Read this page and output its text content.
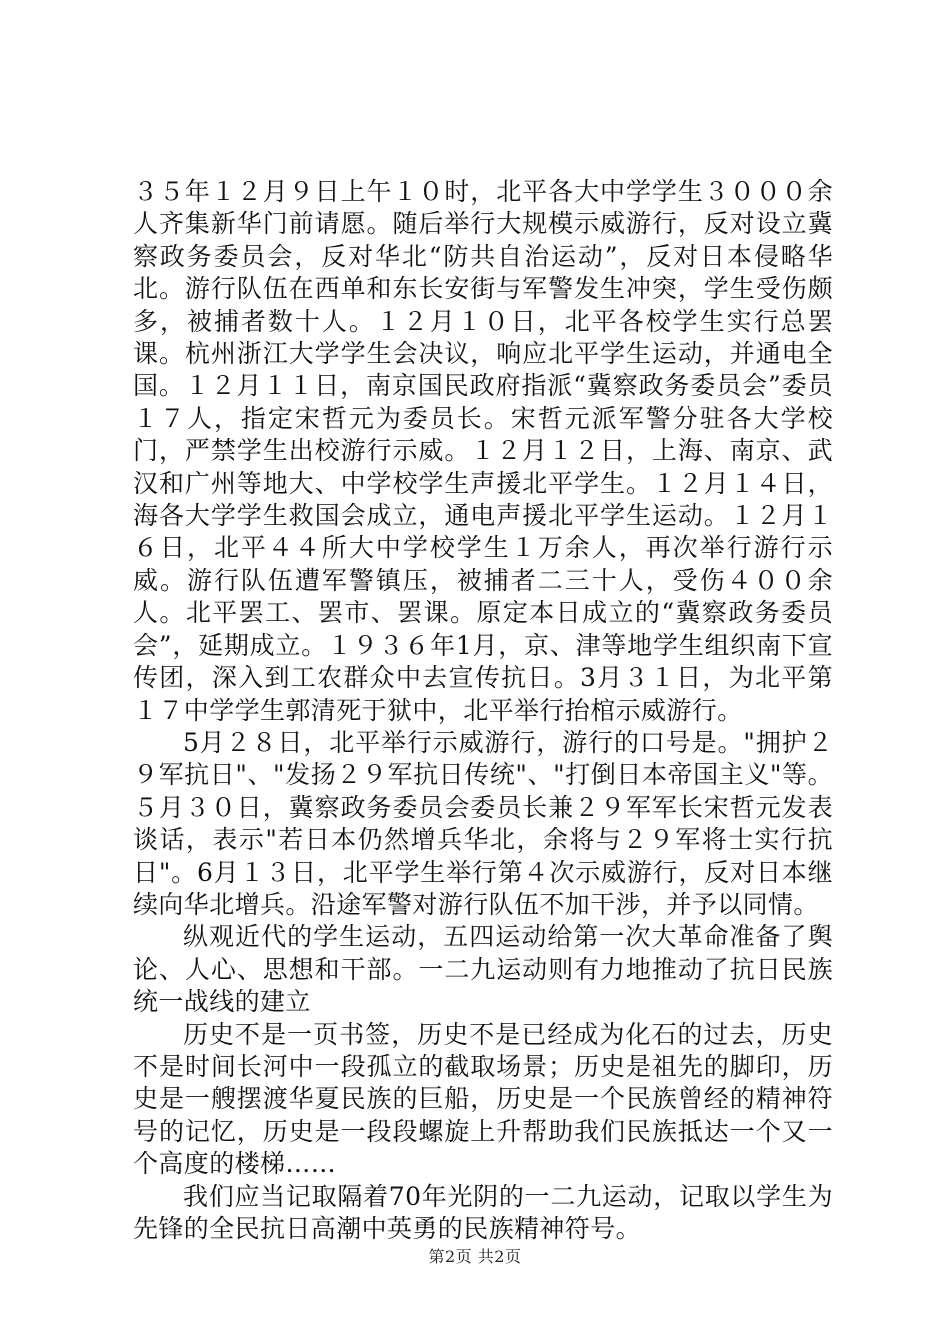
３５年１２月９日上午１０时，北平各大中学学生３０００余人齐集新华门前请愿。随后举行大规模示威游行，反对设立冀察政务委员会，反对华北“防共自治运动”，反对日本侵略华北。游行队伍在西单和东长安街与军警发生冲突，学生受伤颇多，被捕者数十人。１２月１０日，北平各校学生实行总罢课。杭州浙江大学学生会决议，响应北平学生运动，并通电全国。１２月１１日，南京国民政府指派“冀察政务委员会”委员１７人，指定宋哲元为委员长。宋哲元派军警分驻各大学校门，严禁学生出校游行示威。１２月１２日，上海、南京、武汉和广州等地大、中学校学生声援北平学生。１２月１４日，海各大学学生救国会成立，通电声援北平学生运动。１２月１６日，北平４４所大中学校学生１万余人，再次举行游行示威。游行队伍遭军警镇压，被捕者二三十人，受伤４００余人。北平罢工、罢市、罢课。原定本日成立的“冀察政务委员会”，延期成立。１９３６年1月，京、津等地学生组织南下宣传团，深入到工农群众中去宣传抗日。3月３１日，为北平第１７中学学生郭清死于狱中，北平举行抬棺示威游行。

5月２８日，北平举行示威游行，游行的口号是。"拥护２９军抗日"、"发扬２９军抗日传统"、"打倒日本帝国主义"等。５月３０日，冀察政务委员会委员长兼２９军军长宋哲元发表谈话，表示"若日本仍然增兵华北，余将与２９军将士实行抗日"。6月１３日，北平学生举行第４次示威游行，反对日本继续向华北增兵。沿途军警对游行队伍不加干涉，并予以同情。

纵观近代的学生运动，五四运动给第一次大革命准备了舆论、人心、思想和干部。一二九运动则有力地推动了抗日民族统一战线的建立

历史不是一页书签，历史不是已经成为化石的过去，历史不是时间长河中一段孤立的截取场景；历史是祖先的脚印，历史是一艘摆渡华夏民族的巨船，历史是一个民族曾经的精神符号的记忆，历史是一段段螺旋上升帮助我们民族抵达一个又一个高度的楼梯……

我们应当记取隔着70年光阴的一二九运动，记取以学生为先锋的全民抗日高潮中英勇的民族精神符号。

第2页 共2页
